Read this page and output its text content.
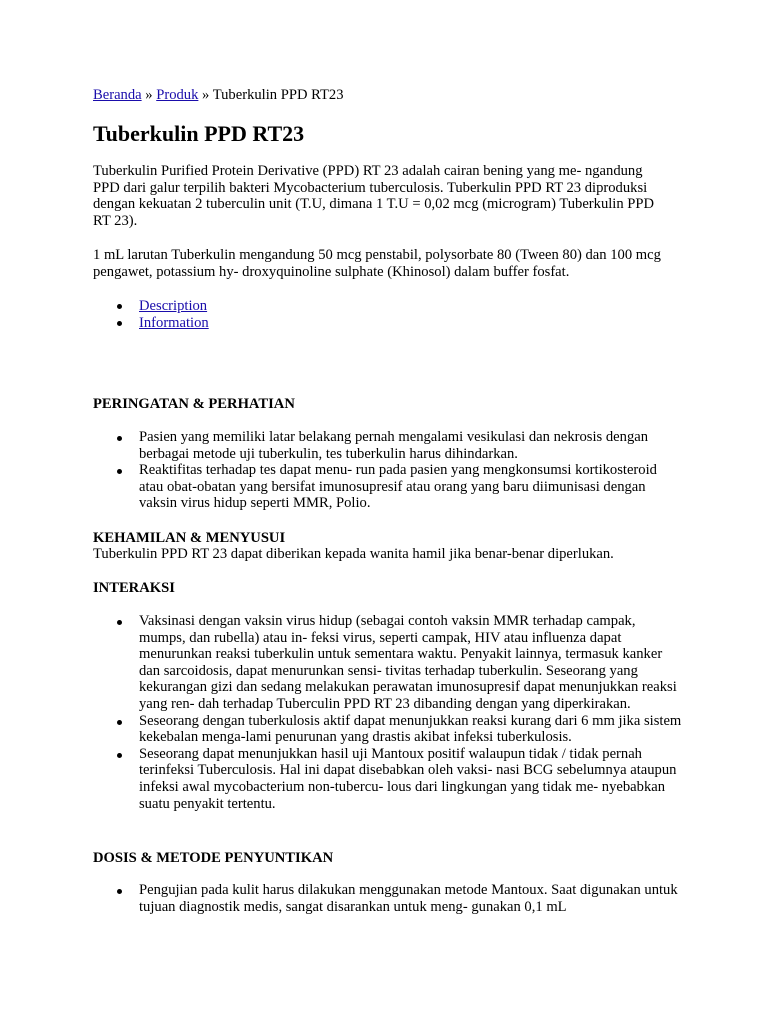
Beranda » Produk » Tuberkulin PPD RT23
Tuberkulin PPD RT23

Tuberkulin Purified Protein Derivative (PPD) RT 23 adalah cairan bening yang me- ngandung PPD dari galur terpilih bakteri Mycobacterium tuberculosis. Tuberkulin PPD RT 23 diproduksi dengan kekuatan 2 tuberculin unit (T.U, dimana 1 T.U = 0,02 mcg (microgram) Tuberkulin PPD RT 23).

1 mL larutan Tuberkulin mengandung 50 mcg penstabil, polysorbate 80 (Tween 80) dan 100 mcg pengawet, potassium hy- droxyquinoline sulphate (Khinosol) dalam buffer fosfat.

Description
Information
PERINGATAN & PERHATIAN
Pasien yang memiliki latar belakang pernah mengalami vesikulasi dan nekrosis dengan berbagai metode uji tuberkulin, tes tuberkulin harus dihindarkan.
Reaktifitas terhadap tes dapat menu- run pada pasien yang mengkonsumsi kortikosteroid atau obat-obatan yang bersifat imunosupresif atau orang yang baru diimunisasi dengan vaksin virus hidup seperti MMR, Polio.
KEHAMILAN & MENYUSUI

Tuberkulin PPD RT 23 dapat diberikan kepada wanita hamil jika benar-benar diperlukan.

INTERAKSI
Vaksinasi dengan vaksin virus hidup (sebagai contoh vaksin MMR terhadap campak, mumps, dan rubella) atau in- feksi virus, seperti campak, HIV atau influenza dapat menurunkan reaksi tuberkulin untuk sementara waktu. Penyakit lainnya, termasuk kanker dan sarcoidosis, dapat menurunkan sensi- tivitas terhadap tuberkulin. Seseorang yang kekurangan gizi dan sedang melakukan perawatan imunosupresif dapat menunjukkan reaksi yang ren- dah terhadap Tuberculin PPD RT 23 dibanding dengan yang diperkirakan.
Seseorang dengan tuberkulosis aktif dapat menunjukkan reaksi kurang dari 6 mm jika sistem kekebalan menga-lami penurunan yang drastis akibat infeksi tuberkulosis.
Seseorang dapat menunjukkan hasil uji Mantoux positif walaupun tidak / tidak pernah terinfeksi Tuberculosis. Hal ini dapat disebabkan oleh vaksi- nasi BCG sebelumnya ataupun infeksi awal mycobacterium non-tubercu- lous dari lingkungan yang tidak me- nyebabkan suatu penyakit tertentu.
DOSIS & METODE PENYUNTIKAN
Pengujian pada kulit harus dilakukan menggunakan metode Mantoux. Saat digunakan untuk tujuan diagnostik medis, sangat disarankan untuk meng- gunakan 0,1 mL
